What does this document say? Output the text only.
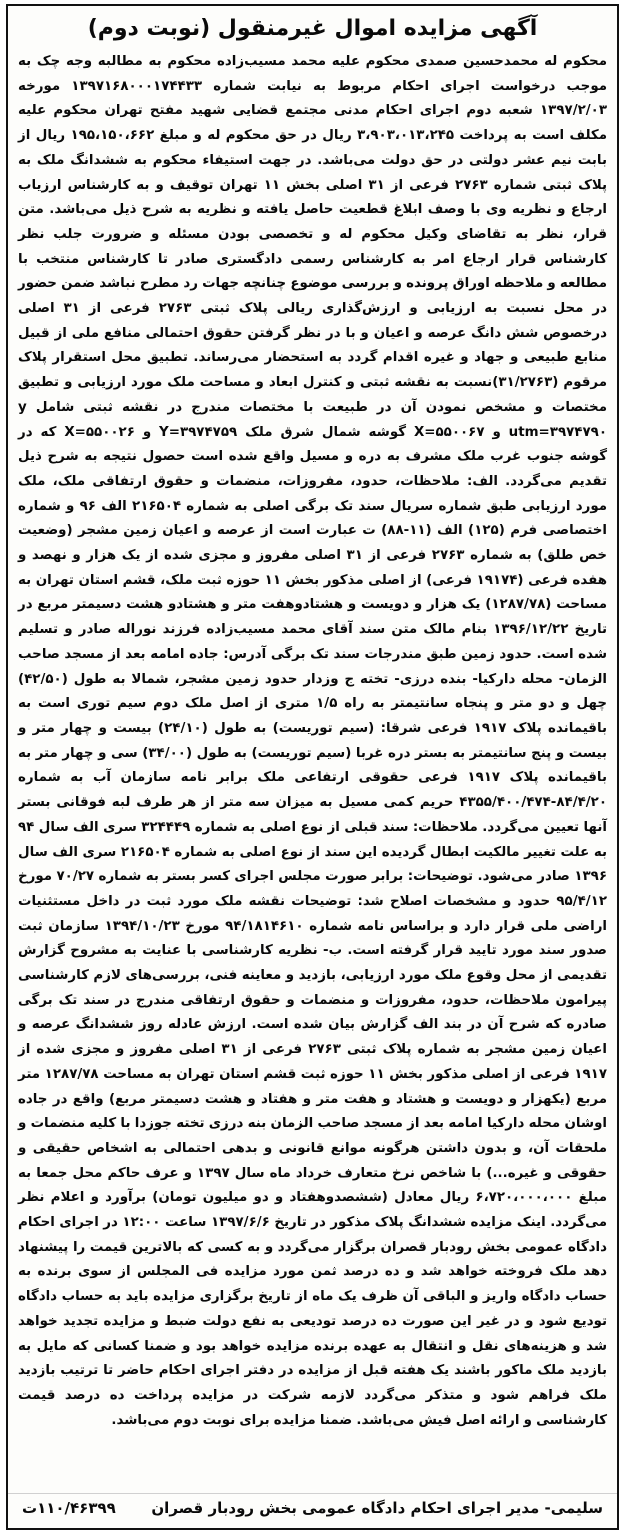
آگهی مزایده اموال غیرمنقول (نوبت دوم)
محکوم له محمدحسین صمدی محکوم علیه محمد مسیب‌زاده محکوم به مطالبه وجه چک به موجب درخواست اجرای احکام مربوط به نیابت شماره ۱۳۹۷۱۶۸۰۰۰۱۷۴۴۳۳ مورخه ۱۳۹۷/۲/۰۳ شعبه دوم اجرای احکام مدنی مجتمع قضایی شهید مفتح تهران محکوم علیه مکلف است به پرداخت ۳،۹۰۳،۰۱۳،۲۴۵ ریال در حق محکوم له و مبلغ ۱۹۵،۱۵۰،۶۶۲ ریال از بابت نیم عشر دولتی در حق دولت می‌باشد. در جهت استیفاء محکوم به ششدانگ ملک به پلاک ثبتی شماره ۲۷۶۳ فرعی از ۳۱ اصلی بخش ۱۱ تهران توقیف و به کارشناس ارزیاب ارجاع و نظریه وی با وصف ابلاغ قطعیت حاصل یافته و نظریه به شرح ذیل می‌باشد. متن قرار، نظر به تقاضای وکیل محکوم له و تخصصی بودن مسئله و ضرورت جلب نظر کارشناس قرار ارجاع امر به کارشناس رسمی دادگستری صادر تا کارشناس منتخب با مطالعه و ملاحظه اوراق پرونده و بررسی موضوع چنانچه جهات رد مطرح نباشد ضمن حضور در محل نسبت به ارزیابی و ارزش‌گذاری ریالی پلاک ثبتی ۲۷۶۳ فرعی از ۳۱ اصلی درخصوص شش دانگ عرصه و اعیان و با در نظر گرفتن حقوق احتمالی منافع ملی از قبیل منابع طبیعی و جهاد و غیره اقدام گردد به استحضار می‌رساند. تطبیق محل استقرار پلاک مرقوم (۳۱/۲۷۶۳)نسبت به نقشه ثبتی و کنترل ابعاد و مساحت ملک مورد ارزیابی و تطبیق مختصات و مشخص نمودن آن در طبیعت با مختصات مندرج در نقشه ثبتی شامل y utm=۳۹۷۴۷۹۰ و X=۵۵۰۰۶۷ گوشه شمال شرق ملک Y=۳۹۷۴۷۵۹ و X=۵۵۰۰۲۶ که در گوشه جنوب غرب ملک مشرف به دره و مسیل واقع شده است حصول نتیجه به شرح ذیل تقدیم می‌گردد. الف: ملاحظات، حدود، مفروزات، منضمات و حقوق ارتفاقی ملک، ملک مورد ارزیابی طبق شماره سریال سند تک برگی اصلی به شماره ۲۱۶۵۰۴ الف ۹۶ و شماره اختصاصی فرم (۱۲۵) الف (۱۱-۸۸) ت عبارت است از عرصه و اعیان زمین مشجر (وضعیت خص طلق) به شماره ۲۷۶۳ فرعی از ۳۱ اصلی مفروز و مجزی شده از یک هزار و نهصد و هفده فرعی (۱۹۱۷۴ فرعی) از اصلی مذکور بخش ۱۱ حوزه ثبت ملک، قشم استان تهران به مساحت (۱۲۸۷/۷۸) یک هزار و دویست و هشتادوهفت متر و هشتادو هشت دسیمتر مربع در تاریخ ۱۳۹۶/۱۲/۲۲ بنام مالک متن سند آقای محمد مسیب‌زاده فرزند نوراله صادر و تسلیم شده است. حدود زمین طبق مندرجات سند تک برگی آدرس: جاده امامه بعد از مسجد صاحب الزمان- محله دارکیا- بنده درزی- تخته ج وزدار حدود زمین مشجر، شمالا به طول (۴۲/۵۰) چهل و دو متر و پنجاه سانتیمتر به راه ۱/۵ متری از اصل ملک دوم سیم توری است به باقیمانده پلاک ۱۹۱۷ فرعی شرقا: (سیم توریست) به طول (۲۴/۱۰) بیست و چهار متر و بیست و پنج سانتیمتر به بستر دره غربا (سیم توریست) به طول (۳۴/۰۰) سی و چهار متر به باقیمانده پلاک ۱۹۱۷ فرعی حقوقی ارتفاعی ملک برابر نامه سازمان آب به شماره ۸۴/۴/۲۰-۴۳۵۵/۴۰۰/۴۷۴ حریم کمی مسیل به میزان سه متر از هر طرف لبه فوقانی بستر آنها تعیین می‌گردد. ملاحظات: سند قبلی از نوع اصلی به شماره ۳۲۴۴۴۹ سری الف سال ۹۴ به علت تغییر مالکیت ابطال گردیده این سند از نوع اصلی به شماره ۲۱۶۵۰۴ سری الف سال ۱۳۹۶ صادر می‌شود. توضیحات: برابر صورت مجلس اجرای کسر بستر به شماره ۷۰/۲۷ مورخ ۹۵/۴/۱۲ حدود و مشخصات اصلاح شد: توضیحات نقشه ملک مورد ثبت در داخل مستثنیات اراضی ملی قرار دارد و براساس نامه شماره ۹۴/۱۸۱۴۶۱۰ مورخ ۱۳۹۴/۱۰/۲۳ سازمان ثبت صدور سند مورد تایید قرار گرفته است. ب- نظریه کارشناسی با عنایت به مشروح گزارش تقدیمی از محل وقوع ملک مورد ارزیابی، بازدید و معاینه فنی، بررسی‌های لازم کارشناسی پیرامون ملاحظات، حدود، مفروزات و منضمات و حقوق ارتفاقی مندرج در سند تک برگی صادره که شرح آن در بند الف گزارش بیان شده است. ارزش عادله روز ششدانگ عرصه و اعیان زمین مشجر به شماره پلاک ثبتی ۲۷۶۳ فرعی از ۳۱ اصلی مفروز و مجزی شده از ۱۹۱۷ فرعی از اصلی مذکور بخش ۱۱ حوزه ثبت قشم استان تهران به مساحت ۱۲۸۷/۷۸ متر مربع (یکهزار و دویست و هشتاد و هفت متر و هفتاد و هشت دسیمتر مربع) واقع در جاده اوشان محله دارکیا امامه بعد از مسجد صاحب الزمان بنه درزی تخته جوزدا با کلیه منضمات و ملحقات آن، و بدون داشتن هرگونه موانع قانونی و بدهی احتمالی به اشخاص حقیقی و حقوقی و غیره...) با شاخص نرخ متعارف خرداد ماه سال ۱۳۹۷ و عرف حاکم محل جمعا به مبلغ ۶،۷۲۰،۰۰۰،۰۰۰ ریال معادل (ششصدوهفتاد و دو میلیون تومان) برآورد و اعلام نظر می‌گردد. اینک مزایده ششدانگ پلاک مذکور در تاریخ ۱۳۹۷/۶/۶ ساعت ۱۲:۰۰ در اجرای احکام دادگاه عمومی بخش رودبار قصران برگزار می‌گردد و به کسی که بالاترین قیمت را پیشنهاد دهد ملک فروخته خواهد شد و ده درصد ثمن مورد مزایده فی المجلس از سوی برنده به حساب دادگاه واریز و الباقی آن ظرف یک ماه از تاریخ برگزاری مزایده باید به حساب دادگاه تودیع شود و در غیر این صورت ده درصد تودیعی به نفع دولت ضبط و مزایده تجدید خواهد شد و هزینه‌های نقل و انتقال به عهده برنده مزایده خواهد بود و ضمنا کسانی که مایل به بازدید ملک ماکور باشند یک هفته قبل از مزایده در دفتر اجرای احکام حاضر تا ترتیب بازدید ملک فراهم شود و متذکر می‌گردد لازمه شرکت در مزایده پرداخت ده درصد قیمت کارشناسی و ارائه اصل فیش می‌باشد. ضمنا مزایده برای نوبت دوم می‌باشد.
سلیمی- مدیر اجرای احکام دادگاه عمومی بخش رودبار قصران
۱۱۰/۴۶۳۹۹ت
